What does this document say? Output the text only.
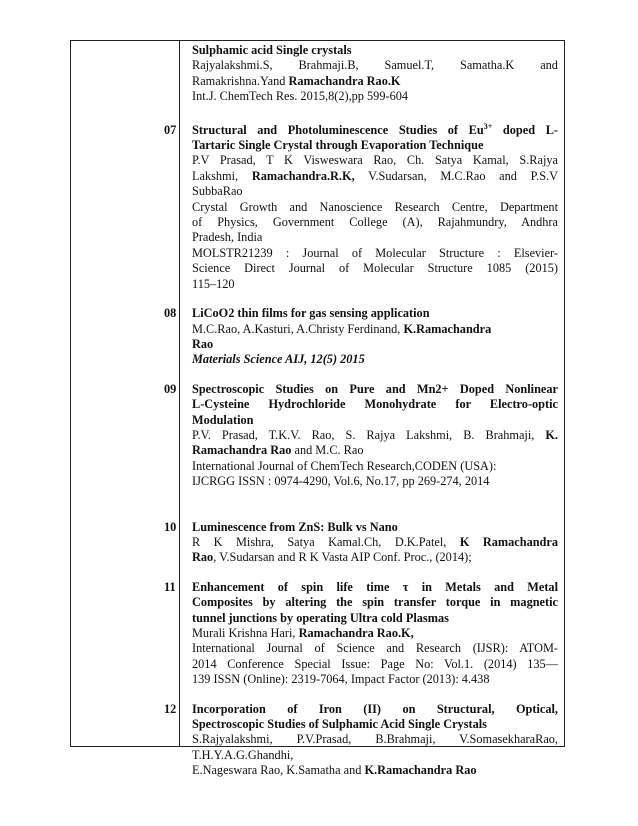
Sulphamic acid Single crystals
Rajyalakshmi.S, Brahmaji.B, Samuel.T, Samatha.K and
Ramakrishna.Yand Ramachandra Rao.K
Int.J. ChemTech Res. 2015,8(2),pp 599-604
07 Structural and Photoluminescence Studies of $Eu^{3+}$ doped L-
Tartaric Single Crystal through Evaporation Technique
P.V Prasad, T K Visweswara Rao, Ch. Satya Kamal, S.Rajya
Lakshmi, Ramachandra.R.K, V.Sudarsan, M.C.Rao and P.S.V
SubbaRao
Crystal Growth and Nanoscience Research Centre, Department
of Physics, Government College (A), Rajahmundry, Andhra
Pradesh, India
MOLSTR21239 : Journal of Molecular Structure : Elsevier-
Science Direct Journal of Molecular Structure 1085 (2015)
115–120
08 LiCoO2 thin films for gas sensing application
M.C.Rao, A.Kasturi, A.Christy Ferdinand, K.Ramachandra
Rao
Materials Science AIJ, 12(5) 2015
09 Spectroscopic Studies on Pure and Mn2+ Doped Nonlinear
L-Cysteine Hydrochloride Monohydrate for Electro-optic
Modulation
P.V. Prasad, T.K.V. Rao, S. Rajya Lakshmi, B. Brahmaji, K.
Ramachandra Rao and M.C. Rao
International Journal of ChemTech Research,CODEN (USA):
IJCRGG ISSN : 0974-4290, Vol.6, No.17, pp 269-274, 2014
10 Luminescence from ZnS: Bulk vs Nano
R K Mishra, Satya Kamal.Ch, D.K.Patel, K Ramachandra
Rao, V.Sudarsan and R K Vasta AIP Conf. Proc., (2014);
11 Enhancement of spin life time τ in Metals and Metal
Composites by altering the spin transfer torque in magnetic
tunnel junctions by operating Ultra cold Plasmas
Murali Krishna Hari, Ramachandra Rao.K,
International Journal of Science and Research (IJSR): ATOM-
2014 Conference Special Issue: Page No: Vol.1. (2014) 135—
139 ISSN (Online): 2319-7064, Impact Factor (2013): 4.438
12 Incorporation of Iron (II) on Structural, Optical,
Spectroscopic Studies of Sulphamic Acid Single Crystals
S.Rajyalakshmi, P.V.Prasad, B.Brahmaji, V.SomasekharaRao,
T.H.Y.A.G.Ghandhi,
E.Nageswara Rao, K.Samatha and K.Ramachandra Rao
